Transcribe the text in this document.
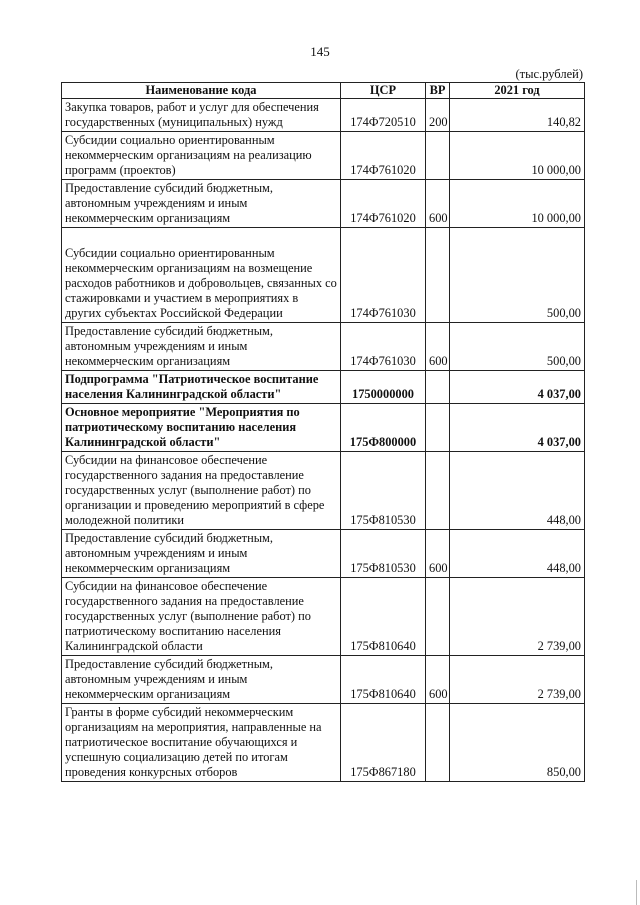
145
(тыс.рублей)
Наименование кода	ЦСР	ВР	2021 год
Закупка товаров, работ и услуг для обеспечения государственных (муниципальных) нужд	174Ф720510	200	140,82
Субсидии социально ориентированным некоммерческим организациям на реализацию программ (проектов)	174Ф761020		10 000,00
Предоставление субсидий бюджетным, автономным учреждениям и иным некоммерческим организациям	174Ф761020	600	10 000,00
Субсидии социально ориентированным некоммерческим организациям на возмещение расходов работников и добровольцев, связанных со стажировками и участием в мероприятиях в других субъектах Российской Федерации	174Ф761030		500,00
Предоставление субсидий бюджетным, автономным учреждениям и иным некоммерческим организациям	174Ф761030	600	500,00
Подпрограмма "Патриотическое воспитание населения Калининградской области"	1750000000		4 037,00
Основное мероприятие "Мероприятия по патриотическому воспитанию населения Калининградской области"	175Ф800000		4 037,00
Субсидии на финансовое обеспечение государственного задания на предоставление государственных услуг (выполнение работ) по организации и проведению мероприятий в сфере молодежной политики	175Ф810530		448,00
Предоставление субсидий бюджетным, автономным учреждениям и иным некоммерческим организациям	175Ф810530	600	448,00
Субсидии на финансовое обеспечение государственного задания на предоставление государственных услуг (выполнение работ) по патриотическому воспитанию населения Калининградской области	175Ф810640		2 739,00
Предоставление субсидий бюджетным, автономным учреждениям и иным некоммерческим организациям	175Ф810640	600	2 739,00
Гранты в форме субсидий некоммерческим организациям на мероприятия, направленные на патриотическое воспитание обучающихся и успешную социализацию детей по итогам проведения конкурсных отборов	175Ф867180		850,00
